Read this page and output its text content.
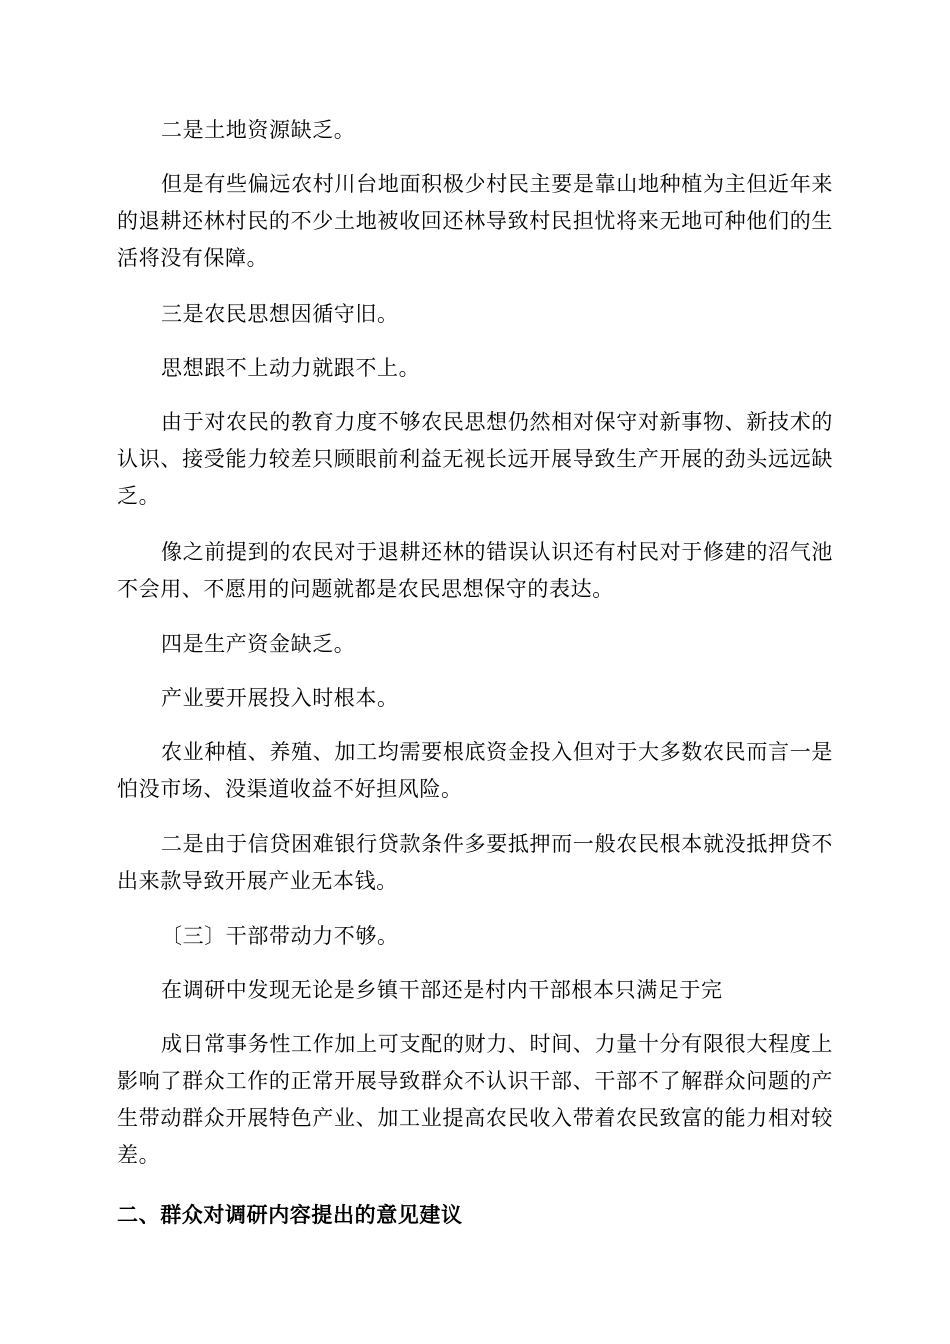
二是土地资源缺乏。

但是有些偏远农村川台地面积极少村民主要是靠山地种植为主但近年来的退耕还林村民的不少土地被收回还林导致村民担忧将来无地可种他们的生活将没有保障。

三是农民思想因循守旧。

思想跟不上动力就跟不上。

由于对农民的教育力度不够农民思想仍然相对保守对新事物、新技术的认识、接受能力较差只顾眼前利益无视长远开展导致生产开展的劲头远远缺乏。

像之前提到的农民对于退耕还林的错误认识还有村民对于修建的沼气池不会用、不愿用的问题就都是农民思想保守的表达。

四是生产资金缺乏。

产业要开展投入时根本。

农业种植、养殖、加工均需要根底资金投入但对于大多数农民而言一是怕没市场、没渠道收益不好担风险。

二是由于信贷困难银行贷款条件多要抵押而一般农民根本就没抵押贷不出来款导致开展产业无本钱。

〔三〕干部带动力不够。

在调研中发现无论是乡镇干部还是村内干部根本只满足于完

成日常事务性工作加上可支配的财力、时间、力量十分有限很大程度上影响了群众工作的正常开展导致群众不认识干部、干部不了解群众问题的产生带动群众开展特色产业、加工业提高农民收入带着农民致富的能力相对较差。

二、群众对调研内容提出的意见建议
